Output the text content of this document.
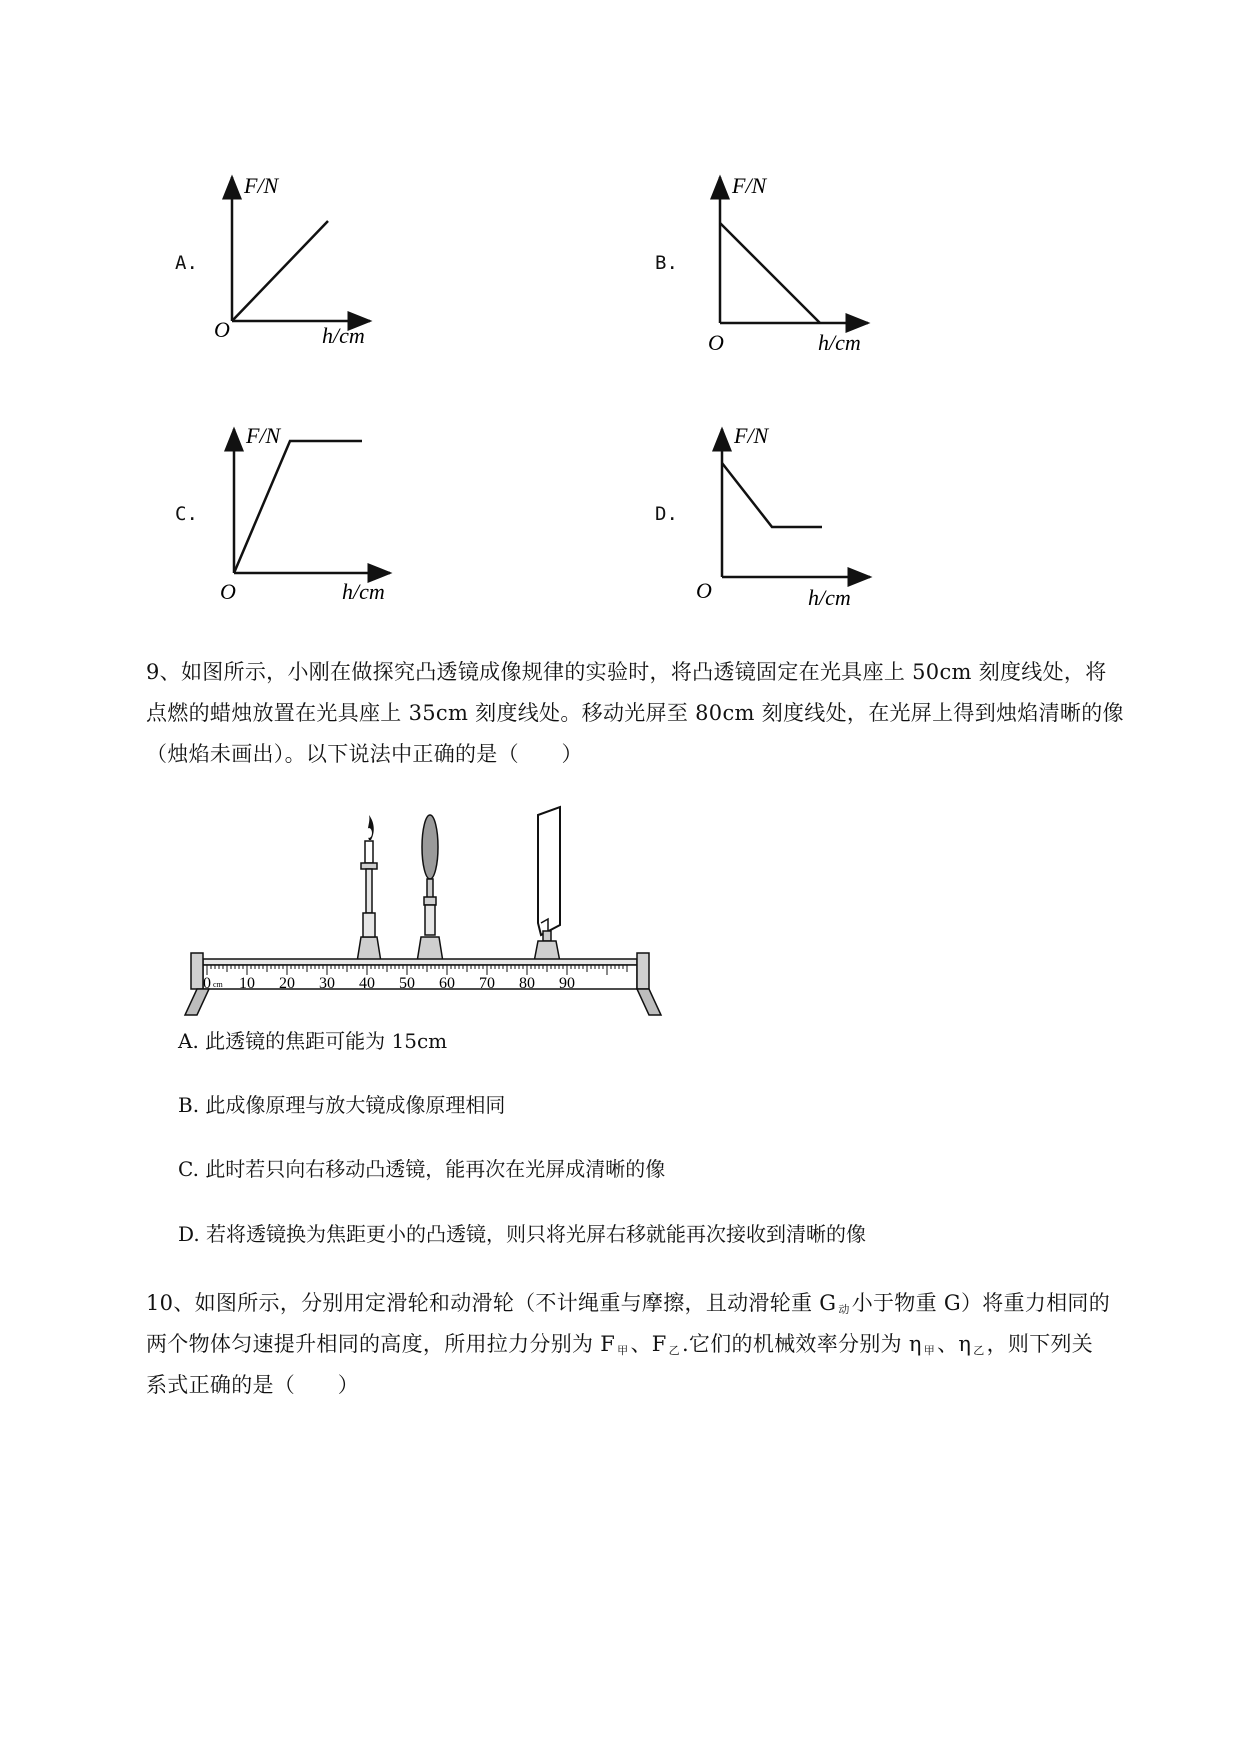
A.
F/N
O	h/cm
B.
F/N
O	h/cm
C.
F/N
O	h/cm
D.
F/N
O	h/cm
9、如图所示，小刚在做探究凸透镜成像规律的实验时，将凸透镜固定在光具座上 50cm 刻度线处，将
点燃的蜡烛放置在光具座上 35cm 刻度线处。移动光屏至 80cm 刻度线处，在光屏上得到烛焰清晰的像
（烛焰未画出）。以下说法中正确的是（　　）
0 cm 10 20 30 40 50 60 70 80 90
A. 此透镜的焦距可能为 15cm
B. 此成像原理与放大镜成像原理相同
C. 此时若只向右移动凸透镜，能再次在光屏成清晰的像
D. 若将透镜换为焦距更小的凸透镜，则只将光屏右移就能再次接收到清晰的像
10、如图所示，分别用定滑轮和动滑轮（不计绳重与摩擦，且动滑轮重 G $_动$小于物重 G）将重力相同的
两个物体匀速提升相同的高度，所用拉力分别为 F $_甲$、F $_乙$.它们的机械效率分别为 η $_甲$、η $_乙$，则下列关
系式正确的是（　　）
